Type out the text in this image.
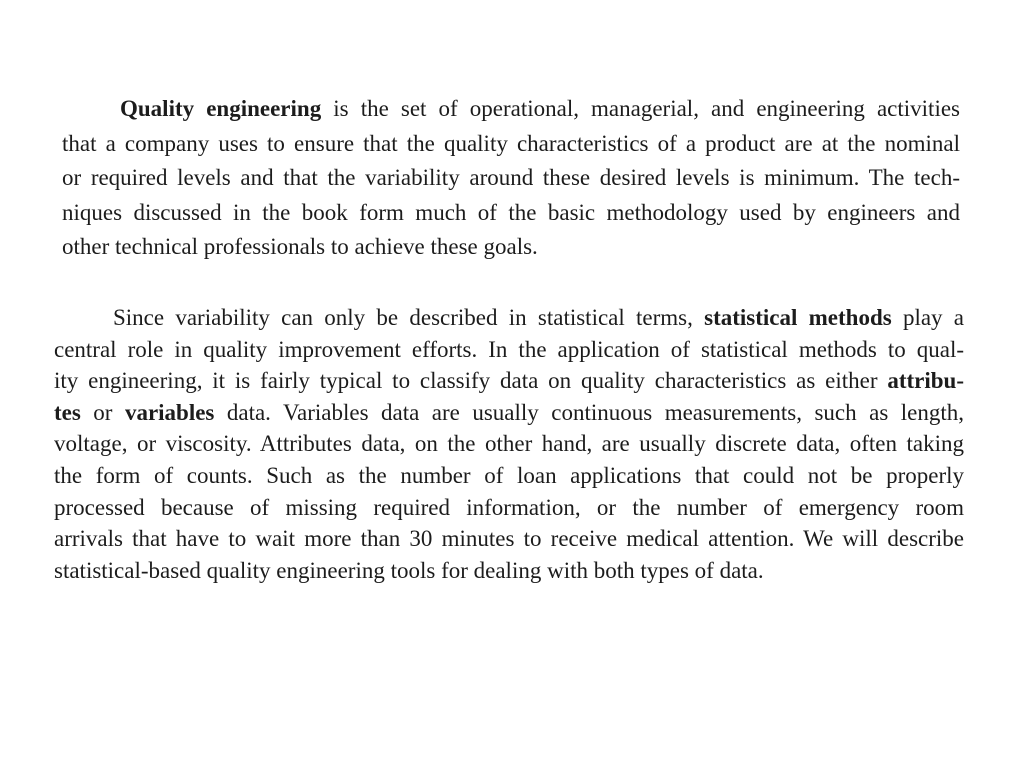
Quality engineering is the set of operational, managerial, and engineering activities
that a company uses to ensure that the quality characteristics of a product are at the nominal
or required levels and that the variability around these desired levels is minimum. The tech-
niques discussed in the book form much of the basic methodology used by engineers and
other technical professionals to achieve these goals.
Since variability can only be described in statistical terms, statistical methods play a
central role in quality improvement efforts. In the application of statistical methods to qual-
ity engineering, it is fairly typical to classify data on quality characteristics as either attribu-
tes or variables data. Variables data are usually continuous measurements, such as length,
voltage, or viscosity. Attributes data, on the other hand, are usually discrete data, often taking
the form of counts. Such as the number of loan applications that could not be properly
processed because of missing required information, or the number of emergency room
arrivals that have to wait more than 30 minutes to receive medical attention. We will describe
statistical-based quality engineering tools for dealing with both types of data.
